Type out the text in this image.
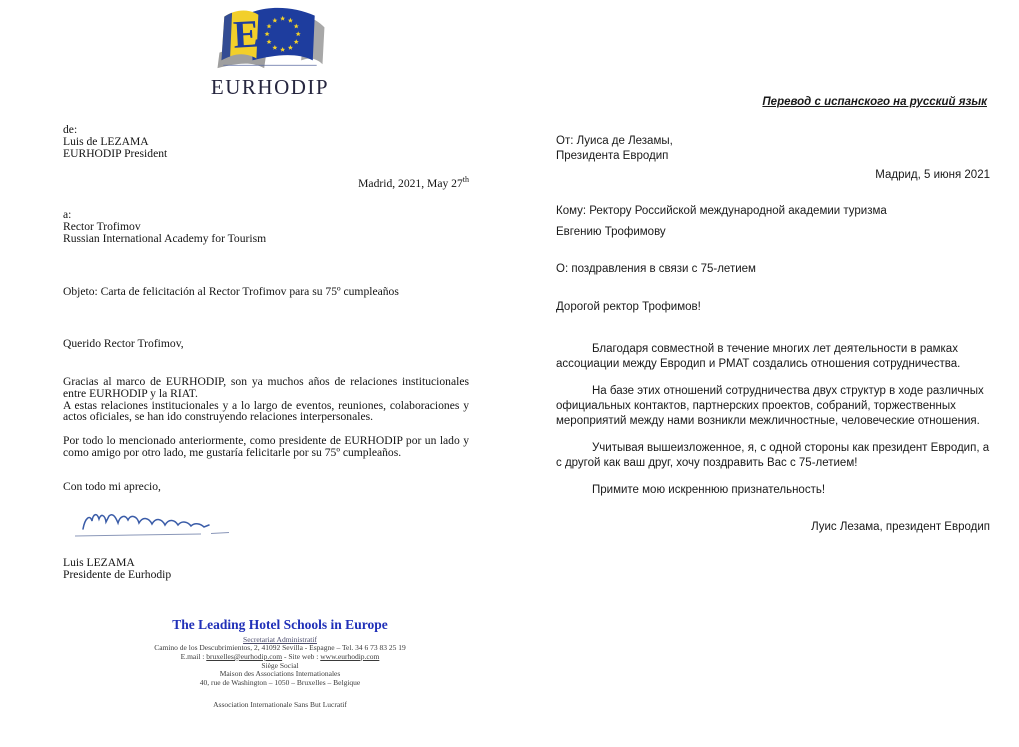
E
EURHODIP
Перевод с испанского на русский язык
de:
Luis de LEZAMA
EURHODIP President
Madrid, 2021, May 27th
a:
Rector Trofimov
Russian International Academy for Tourism
Objeto: Carta de felicitación al Rector Trofimov para su 75º cumpleaños
Querido Rector Trofimov,
Gracias al marco de EURHODIP, son ya muchos años de relaciones institucionales entre EURHODIP y la RIAT.
A estas relaciones institucionales y a lo largo de eventos, reuniones, colaboraciones y actos oficiales, se han ido construyendo relaciones interpersonales.
Por todo lo mencionado anteriormente, como presidente de EURHODIP por un lado y como amigo por otro lado, me gustaría felicitarle por su 75º cumpleaños.
Con todo mi aprecio,
Luis LEZAMA
Presidente de Eurhodip
От: Луиса де Лезамы,
Президента Евродип
Мадрид, 5 июня 2021
Кому: Ректору Российской международной академии туризма
Евгению Трофимову
О: поздравления в связи с 75-летием
Дорогой ректор Трофимов!
Благодаря совместной в течение многих лет деятельности в рамках ассоциации между Евродип и РМАТ создались отношения сотрудничества.
На базе этих отношений сотрудничества двух структур в ходе различных официальных контактов, партнерских проектов, собраний, торжественных мероприятий между нами возникли межличностные, человеческие отношения.
Учитывая вышеизложенное, я, с одной стороны как президент Евродип, а с другой как ваш друг, хочу поздравить Вас с 75-летием!
Примите мою искреннюю признательность!
Луис Лезама, президент Евродип
The Leading Hotel Schools in Europe
Secretariat Administratif
Camino de los Descubrimientos, 2, 41092 Sevilla - Espagne – Tel. 34 6 73 83 25 19
E.mail : bruxelles@eurhodip.com - Site web : www.eurhodip.com
Siège Social
Maison des Associations Internationales
40, rue de Washington – 1050 – Bruxelles – Belgique
Association Internationale Sans But Lucratif
